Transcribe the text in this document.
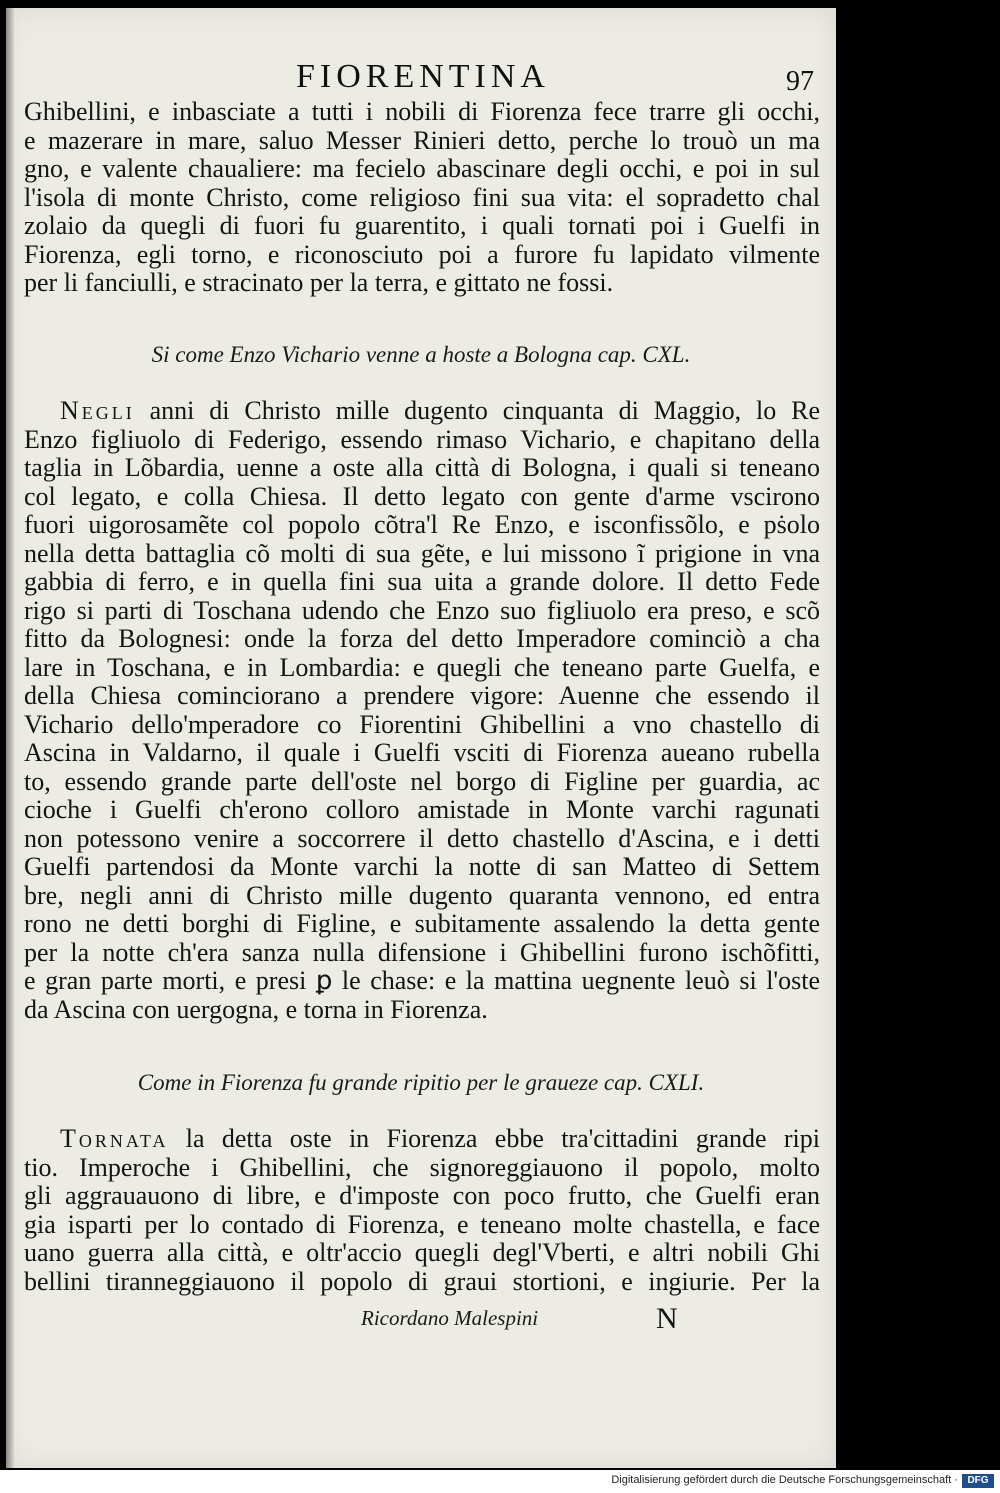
FIORENTINA	97
Ghibellini, e inbasciate a tutti i nobili di Fiorenza fece trarre gli occhi,
e mazerare in mare, saluo Messer Rinieri detto, perche lo trouò un ma
gno, e valente chaualiere: ma fecielo abascinare degli occhi, e poi in sul
l'isola di monte Christo, come religioso fini sua vita: el sopradetto chal
zolaio da quegli di fuori fu guarentito, i quali tornati poi i Guelfi in
Fiorenza, egli torno, e riconosciuto poi a furore fu lapidato vilmente
per li fanciulli, e stracinato per la terra, e gittato ne fossi.
Si come Enzo Vichario venne a hoste a Bologna cap. CXL.
Negli anni di Christo mille dugento cinquanta di Maggio, lo Re
Enzo figliuolo di Federigo, essendo rimaso Vichario, e chapitano della
taglia in Lõbardia, uenne a oste alla città di Bologna, i quali si teneano
col legato, e colla Chiesa. Il detto legato con gente d'arme vscirono
fuori uigorosamẽte col popolo cõtra'l Re Enzo, e isconfissõlo, e pṡolo
nella detta battaglia cõ molti di sua gẽte, e lui missono ĩ prigione in vna
gabbia di ferro, e in quella fini sua uita a grande dolore. Il detto Fede
rigo si parti di Toschana udendo che Enzo suo figliuolo era preso, e scõ
fitto da Bolognesi: onde la forza del detto Imperadore cominciò a cha
lare in Toschana, e in Lombardia: e quegli che teneano parte Guelfa, e
della Chiesa cominciorano a prendere vigore: Auenne che essendo il
Vichario dello'mperadore co Fiorentini Ghibellini a vno chastello di
Ascina in Valdarno, il quale i Guelfi vsciti di Fiorenza aueano rubella
to, essendo grande parte dell'oste nel borgo di Figline per guardia, ac
cioche i Guelfi ch'erono colloro amistade in Monte varchi ragunati
non potessono venire a soccorrere il detto chastello d'Ascina, e i detti
Guelfi partendosi da Monte varchi la notte di san Matteo di Settem
bre, negli anni di Christo mille dugento quaranta vennono, ed entra
rono ne detti borghi di Figline, e subitamente assalendo la detta gente
per la notte ch'era sanza nulla difensione i Ghibellini furono ischõfitti,
e gran parte morti, e presi ꝑ le chase: e la mattina uegnente leuò si l'oste
da Ascina con uergogna, e torna in Fiorenza.
Come in Fiorenza fu grande ripitio per le graueze cap. CXLI.
Tornata la detta oste in Fiorenza ebbe tra'cittadini grande ripi
tio. Imperoche i Ghibellini, che signoreggiauono il popolo, molto
gli aggrauauono di libre, e d'imposte con poco frutto, che Guelfi eran
gia isparti per lo contado di Fiorenza, e teneano molte chastella, e face
uano guerra alla città, e oltr'accio quegli degl'Vberti, e altri nobili Ghi
bellini tiranneggiauono il popolo di graui stortioni, e ingiurie. Per la
Ricordano Malespini	N
Digitalisierung gefördert durch die Deutsche Forschungsgemeinschaft · DFG
